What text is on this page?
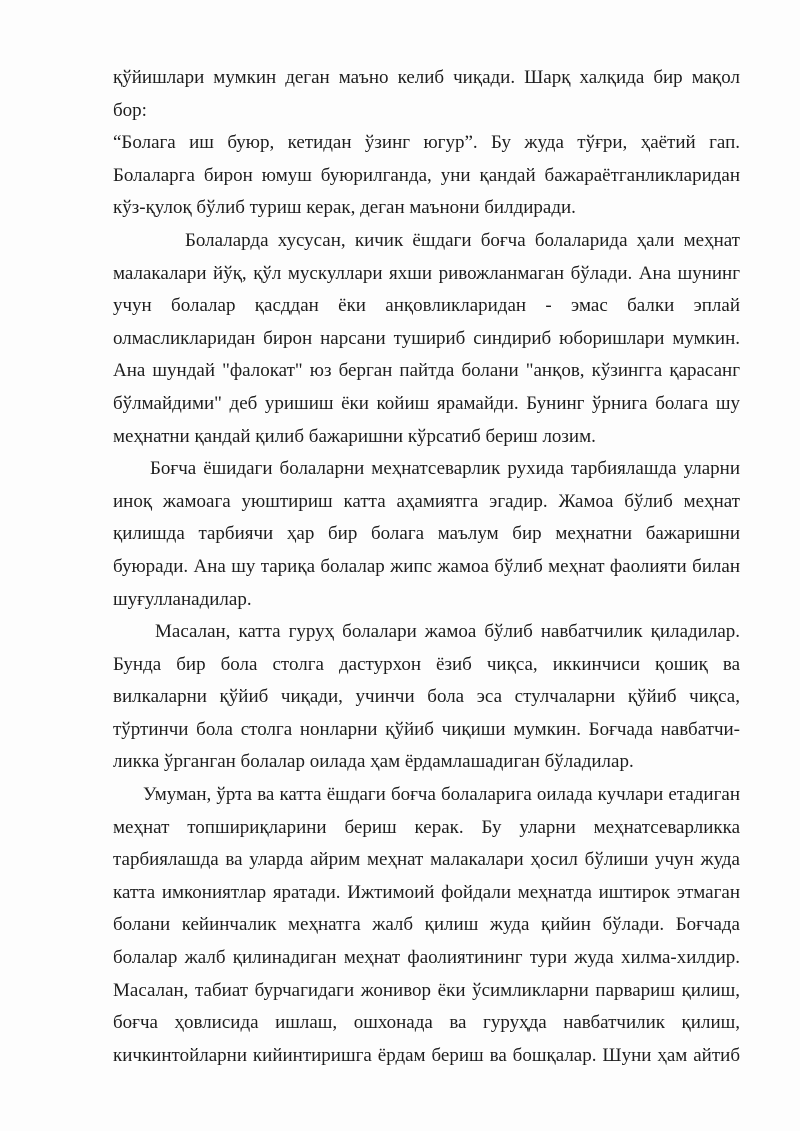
қўйишлари мумкин деган маъно келиб чиқади. Шарқ халқида бир мақол бор:
“Болага иш буюр, кетидан ўзинг югур”. Бу жуда тўғри, ҳаётий гап.
Болаларга бирон юмуш буюрилганда, уни қандай бажараётганликларидан
кўз-қулоқ бўлиб туриш керак, деган маънони билдиради.
Болаларда хусусан, кичик ёшдаги боғча болаларида ҳали меҳнат
малакалари йўқ, қўл мускуллари яхши ривожланмаган бўлади. Ана шунинг
учун болалар қасддан ёки анқовликларидан - эмас балки эплай
олмасликларидан бирон нарсани тушириб синдириб юборишлари мумкин.
Ана шундай "фалокат" юз берган пайтда болани "анқов, кўзингга қарасанг
бўлмайдими" деб уришиш ёки койиш ярамайди. Бунинг ўрнига болага шу
меҳнатни қандай қилиб бажаришни кўрсатиб бериш лозим.
Боғча ёшидаги болаларни меҳнатсеварлик рухида тарбиялашда уларни
иноқ жамоага уюштириш катта аҳамиятга эгадир. Жамоа бўлиб меҳнат
қилишда тарбиячи ҳар бир болага маълум бир меҳнатни бажаришни
буюради. Ана шу тариқа болалар жипс жамоа бўлиб меҳнат фаолияти билан
шуғулланадилар.
Масалан, катта гуруҳ болалари жамоа бўлиб навбатчилик қиладилар.
Бунда бир бола столга дастурхон ёзиб чиқса, иккинчиси қошиқ ва
вилкаларни қўйиб чиқади, учинчи бола эса стулчаларни қўйиб чиқса,
тўртинчи бола столга нонларни қўйиб чиқиши мумкин. Боғчада навбатчи-
ликка ўрганган болалар оилада ҳам ёрдамлашадиган бўладилар.
Умуман, ўрта ва катта ёшдаги боғча болаларига оилада кучлари етадиган
меҳнат топшириқларини бериш керак. Бу уларни меҳнатсеварликка
тарбиялашда ва уларда айрим меҳнат малакалари ҳосил бўлиши учун жуда
катта имкониятлар яратади. Ижтимоий фойдали меҳнатда иштирок этмаган
болани кейинчалик меҳнатга жалб қилиш жуда қийин бўлади. Боғчада
болалар жалб қилинадиган меҳнат фаолиятининг тури жуда хилма-хилдир.
Масалан, табиат бурчагидаги жонивор ёки ўсимликларни парвариш қилиш,
боғча ҳовлисида ишлаш, ошхонада ва гуруҳда навбатчилик қилиш,
кичкинтойларни кийинтиришга ёрдам бериш ва бошқалар. Шуни ҳам айтиб
